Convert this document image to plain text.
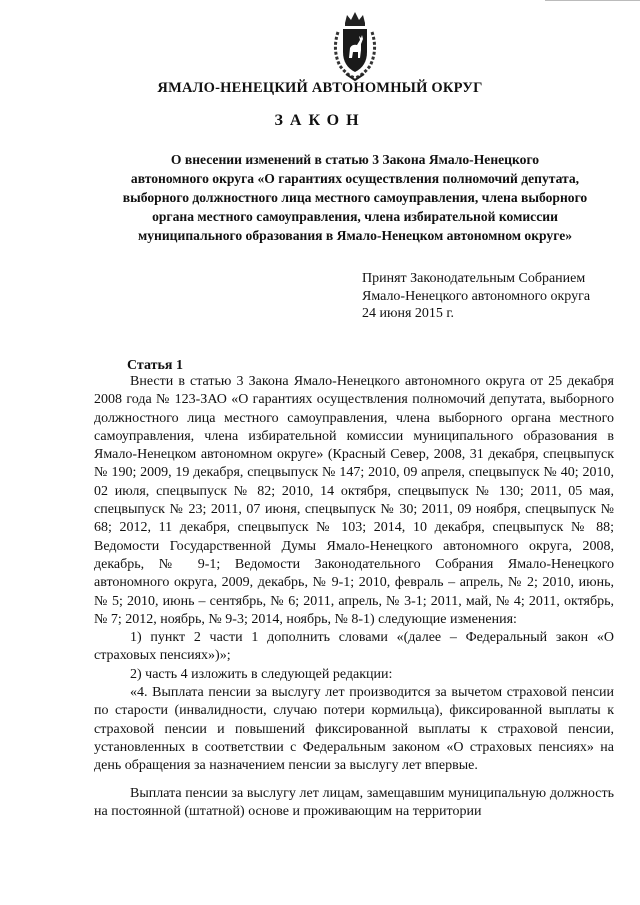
ЯМАЛО-НЕНЕЦКИЙ АВТОНОМНЫЙ ОКРУГ
ЗАКОН
О внесении изменений в статью 3 Закона Ямало-Ненецкого
автономного округа «О гарантиях осуществления полномочий депутата,
выборного должностного лица местного самоуправления, члена выборного
органа местного самоуправления, члена избирательной комиссии
муниципального образования в Ямало-Ненецком автономном округе»
Принят Законодательным Собранием
Ямало-Ненецкого автономного округа
24 июня 2015 г.
Статья 1

Внести в статью 3 Закона Ямало-Ненецкого автономного округа от 25 декабря 2008 года № 123-ЗАО «О гарантиях осуществления полномочий депутата, выборного должностного лица местного самоуправления, члена выборного органа местного самоуправления, члена избирательной комиссии муниципального образования в Ямало-Ненецком автономном округе» (Красный Север, 2008, 31 декабря, спецвыпуск № 190; 2009, 19 декабря, спецвыпуск № 147; 2010, 09 апреля, спецвыпуск № 40; 2010, 02 июля, спецвыпуск № 82; 2010, 14 октября, спецвыпуск № 130; 2011, 05 мая, спецвыпуск № 23; 2011, 07 июня, спецвыпуск № 30; 2011, 09 ноября, спецвыпуск № 68; 2012, 11 декабря, спецвыпуск № 103; 2014, 10 декабря, спецвыпуск № 88; Ведомости Государственной Думы Ямало-Ненецкого автономного округа, 2008, декабрь, № 9-1; Ведомости Законодательного Собрания Ямало-Ненецкого автономного округа, 2009, декабрь, № 9-1; 2010, февраль – апрель, № 2; 2010, июнь, № 5; 2010, июнь – сентябрь, № 6; 2011, апрель, № 3-1; 2011, май, № 4; 2011, октябрь, № 7; 2012, ноябрь, № 9-3; 2014, ноябрь, № 8-1) следующие изменения:

1) пункт 2 части 1 дополнить словами «(далее – Федеральный закон «О страховых пенсиях»)»;

2) часть 4 изложить в следующей редакции:

«4. Выплата пенсии за выслугу лет производится за вычетом страховой пенсии по старости (инвалидности, случаю потери кормильца), фиксированной выплаты к страховой пенсии и повышений фиксированной выплаты к страховой пенсии, установленных в соответствии с Федеральным законом «О страховых пенсиях» на день обращения за назначением пенсии за выслугу лет впервые.

Выплата пенсии за выслугу лет лицам, замещавшим муниципальную должность на постоянной (штатной) основе и проживающим на территории
